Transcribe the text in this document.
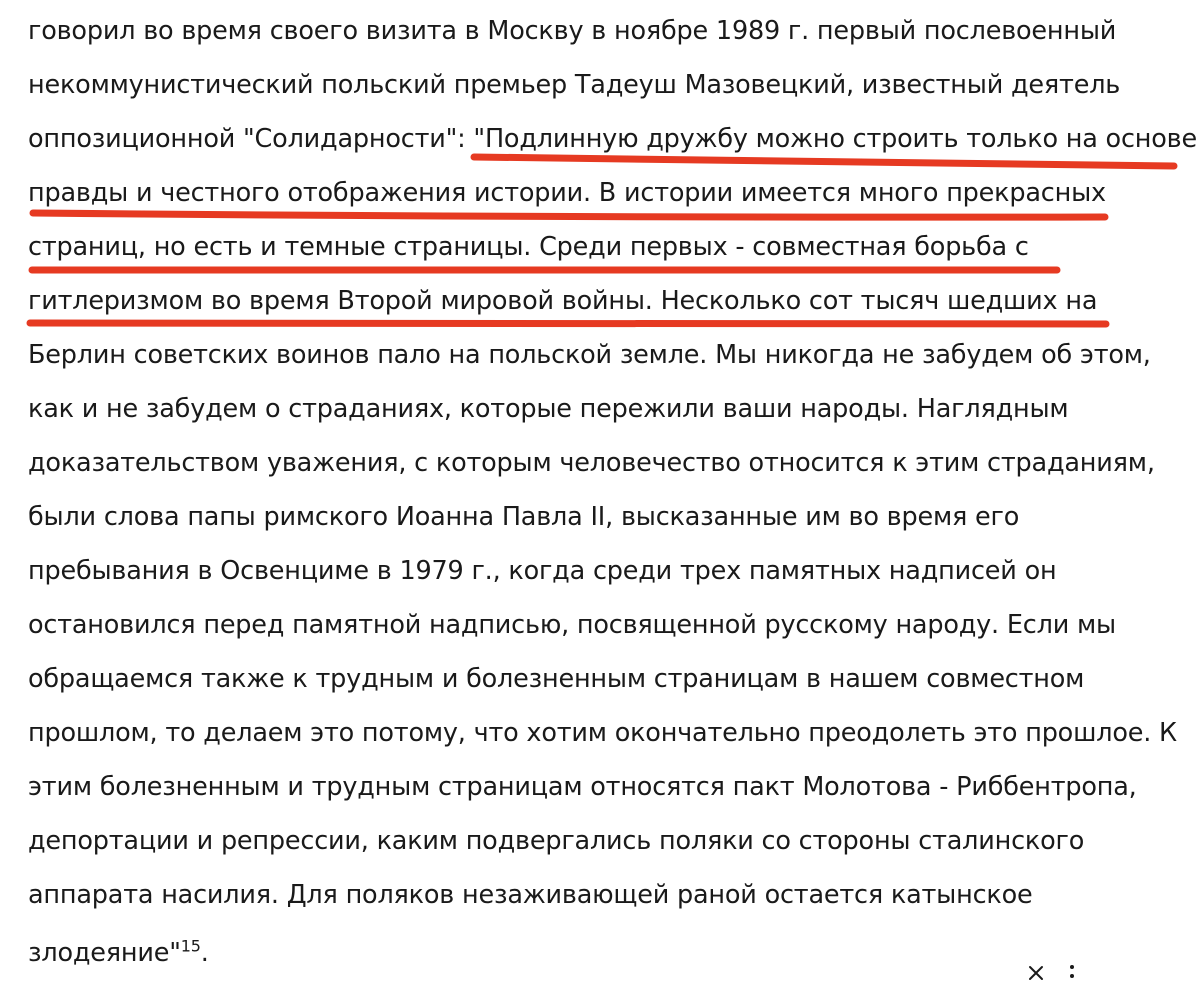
говорил во время своего визита в Москву в ноябре 1989 г. первый послевоенный
некоммунистический польский премьер Тадеуш Мазовецкий, известный деятель
оппозиционной "Солидарности": "Подлинную дружбу можно строить только на основе
правды и честного отображения истории. В истории имеется много прекрасных
страниц, но есть и темные страницы. Среди первых - совместная борьба с
гитлеризмом во время Второй мировой войны. Несколько сот тысяч шедших на
Берлин советских воинов пало на польской земле. Мы никогда не забудем об этом,
как и не забудем о страданиях, которые пережили ваши народы. Наглядным
доказательством уважения, с которым человечество относится к этим страданиям,
были слова папы римского Иоанна Павла II, высказанные им во время его
пребывания в Освенциме в 1979 г., когда среди трех памятных надписей он
остановился перед памятной надписью, посвященной русскому народу. Если мы
обращаемся также к трудным и болезненным страницам в нашем совместном
прошлом, то делаем это потому, что хотим окончательно преодолеть это прошлое. К
этим болезненным и трудным страницам относятся пакт Молотова - Риббентропа,
депортации и репрессии, каким подвергались поляки со стороны сталинского
аппарата насилия. Для поляков незаживающей раной остается катынское
злодеяние"$^{15}$.
